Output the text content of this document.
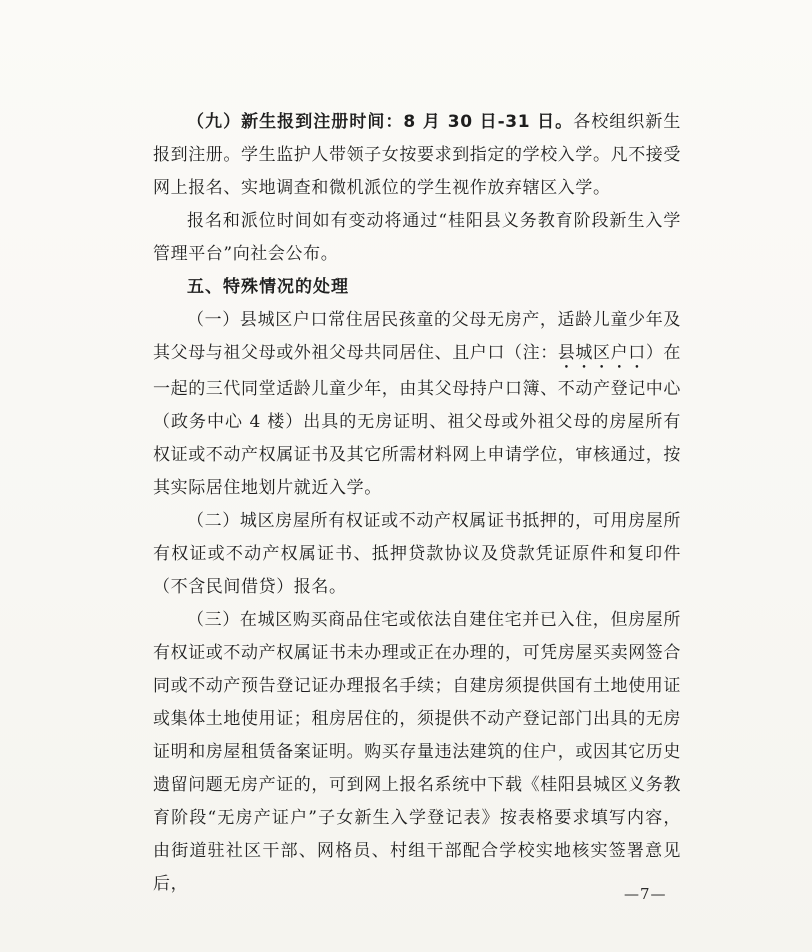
（九）新生报到注册时间：8 月 30 日-31 日。各校组织新生报到注册。学生监护人带领子女按要求到指定的学校入学。凡不接受网上报名、实地调查和微机派位的学生视作放弃辖区入学。

报名和派位时间如有变动将通过“桂阳县义务教育阶段新生入学管理平台”向社会公布。

五、特殊情况的处理

（一）县城区户口常住居民孩童的父母无房产，适龄儿童少年及其父母与祖父母或外祖父母共同居住、且户口（注：县城区户口）在一起的三代同堂适龄儿童少年，由其父母持户口簿、不动产登记中心（政务中心 4 楼）出具的无房证明、祖父母或外祖父母的房屋所有权证或不动产权属证书及其它所需材料网上申请学位，审核通过，按其实际居住地划片就近入学。

（二）城区房屋所有权证或不动产权属证书抵押的，可用房屋所有权证或不动产权属证书、抵押贷款协议及贷款凭证原件和复印件（不含民间借贷）报名。

（三）在城区购买商品住宅或依法自建住宅并已入住，但房屋所有权证或不动产权属证书未办理或正在办理的，可凭房屋买卖网签合同或不动产预告登记证办理报名手续；自建房须提供国有土地使用证或集体土地使用证；租房居住的，须提供不动产登记部门出具的无房证明和房屋租赁备案证明。购买存量违法建筑的住户，或因其它历史遗留问题无房产证的，可到网上报名系统中下载《桂阳县城区义务教育阶段“无房产证户”子女新生入学登记表》按表格要求填写内容，由街道驻社区干部、网格员、村组干部配合学校实地核实签署意见后，	—7—
